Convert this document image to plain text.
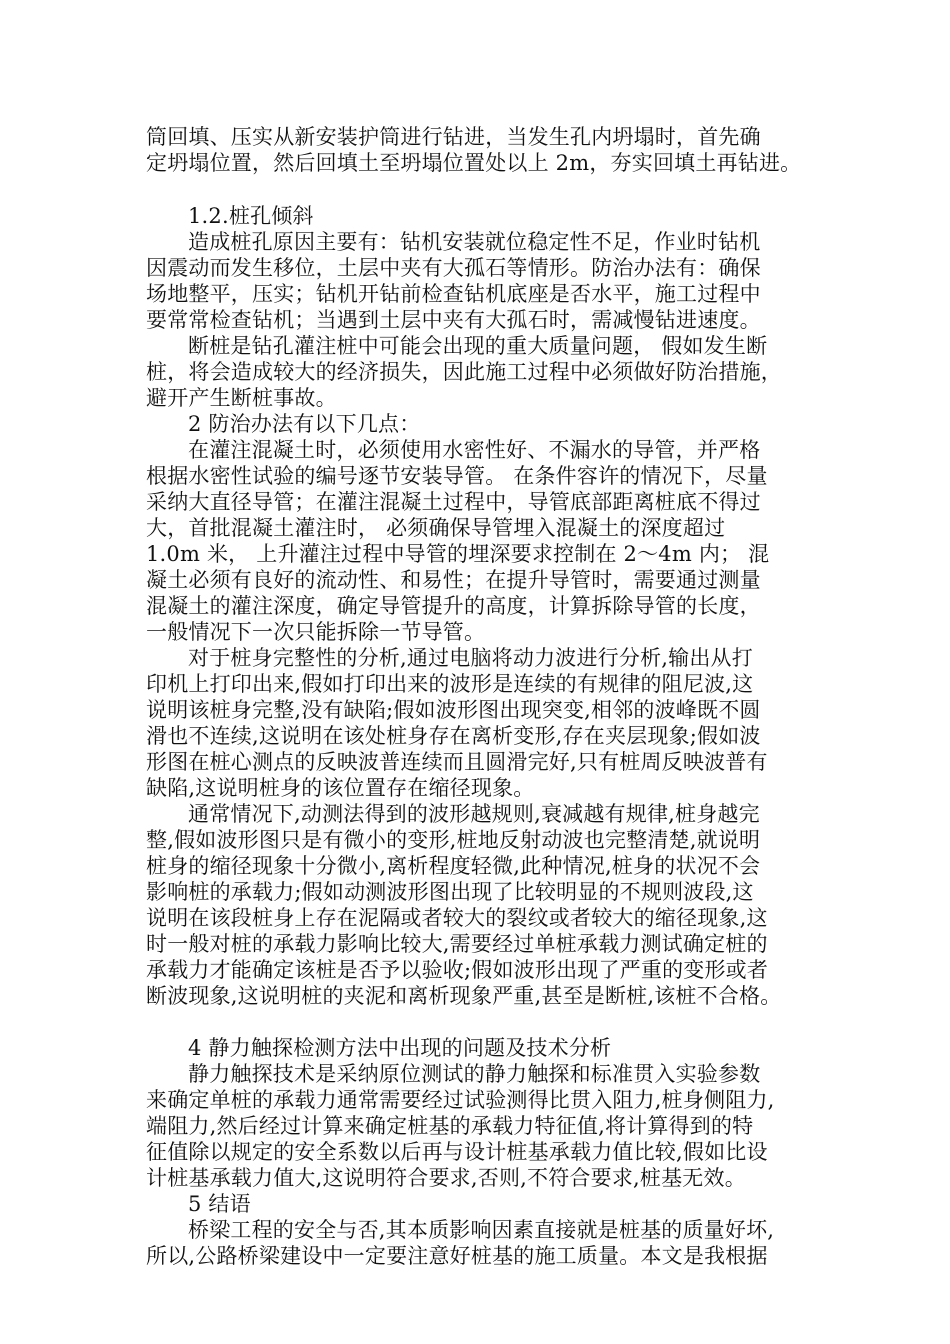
筒回填、压实从新安装护筒进行钻进，当发生孔内坍塌时，首先确
定坍塌位置，然后回填土至坍塌位置处以上 2m，夯实回填土再钻进。
1.2.桩孔倾斜
造成桩孔原因主要有：钻机安装就位稳定性不足，作业时钻机
因震动而发生移位，土层中夹有大孤石等情形。防治办法有：确保
场地整平，压实；钻机开钻前检查钻机底座是否水平，施工过程中
要常常检查钻机；当遇到土层中夹有大孤石时，需减慢钻进速度。
断桩是钻孔灌注桩中可能会出现的重大质量问题， 假如发生断
桩，将会造成较大的经济损失，因此施工过程中必须做好防治措施，
避开产生断桩事故。
2 防治办法有以下几点：
在灌注混凝土时，必须使用水密性好、不漏水的导管，并严格
根据水密性试验的编号逐节安装导管。 在条件容许的情况下，尽量
采纳大直径导管；在灌注混凝土过程中，导管底部距离桩底不得过
大，首批混凝土灌注时， 必须确保导管埋入混凝土的深度超过
1.0m 米， 上升灌注过程中导管的埋深要求控制在 2～4m 内； 混
凝土必须有良好的流动性、和易性；在提升导管时，需要通过测量
混凝土的灌注深度，确定导管提升的高度，计算拆除导管的长度，
一般情况下一次只能拆除一节导管。
对于桩身完整性的分析,通过电脑将动力波进行分析,输出从打
印机上打印出来,假如打印出来的波形是连续的有规律的阻尼波,这
说明该桩身完整,没有缺陷;假如波形图出现突变,相邻的波峰既不圆
滑也不连续,这说明在该处桩身存在离析变形,存在夹层现象;假如波
形图在桩心测点的反映波普连续而且圆滑完好,只有桩周反映波普有
缺陷,这说明桩身的该位置存在缩径现象。
通常情况下,动测法得到的波形越规则,衰减越有规律,桩身越完
整,假如波形图只是有微小的变形,桩地反射动波也完整清楚,就说明
桩身的缩径现象十分微小,离析程度轻微,此种情况,桩身的状况不会
影响桩的承载力;假如动测波形图出现了比较明显的不规则波段,这
说明在该段桩身上存在泥隔或者较大的裂纹或者较大的缩径现象,这
时一般对桩的承载力影响比较大,需要经过单桩承载力测试确定桩的
承载力才能确定该桩是否予以验收;假如波形出现了严重的变形或者
断波现象,这说明桩的夹泥和离析现象严重,甚至是断桩,该桩不合格。
4 静力触探检测方法中出现的问题及技术分析
静力触探技术是采纳原位测试的静力触探和标准贯入实验参数
来确定单桩的承载力通常需要经过试验测得比贯入阻力,桩身侧阻力,
端阻力,然后经过计算来确定桩基的承载力特征值,将计算得到的特
征值除以规定的安全系数以后再与设计桩基承载力值比较,假如比设
计桩基承载力值大,这说明符合要求,否则,不符合要求,桩基无效。
5 结语
桥梁工程的安全与否,其本质影响因素直接就是桩基的质量好坏,
所以,公路桥梁建设中一定要注意好桩基的施工质量。本文是我根据
